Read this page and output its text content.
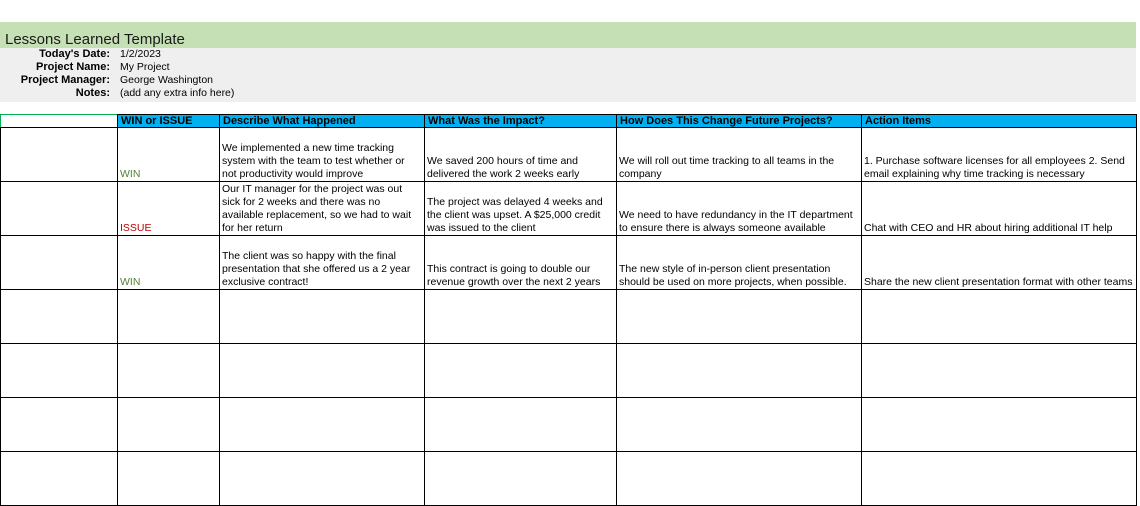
Lessons Learned Template
Today's Date: 1/2/2023
Project Name: My Project
Project Manager: George Washington
Notes: (add any extra info here)
	WIN or ISSUE	Describe What Happened	What Was the Impact?	How Does This Change Future Projects?	Action Items
	WIN	We implemented a new time tracking system with the team to test whether or not productivity would improve	We saved 200 hours of time and delivered the work 2 weeks early	We will roll out time tracking to all teams in the company	1. Purchase software licenses for all employees 2. Send email explaining why time tracking is necessary
	ISSUE	Our IT manager for the project was out sick for 2 weeks and there was no available replacement, so we had to wait for her return	The project was delayed 4 weeks and the client was upset. A $25,000 credit was issued to the client	We need to have redundancy in the IT department to ensure there is always someone available	Chat with CEO and HR about hiring additional IT help
	WIN	The client was so happy with the final presentation that she offered us a 2 year exclusive contract!	This contract is going to double our revenue growth over the next 2 years	The new style of in-person client presentation should be used on more projects, when possible.	Share the new client presentation format with other teams
